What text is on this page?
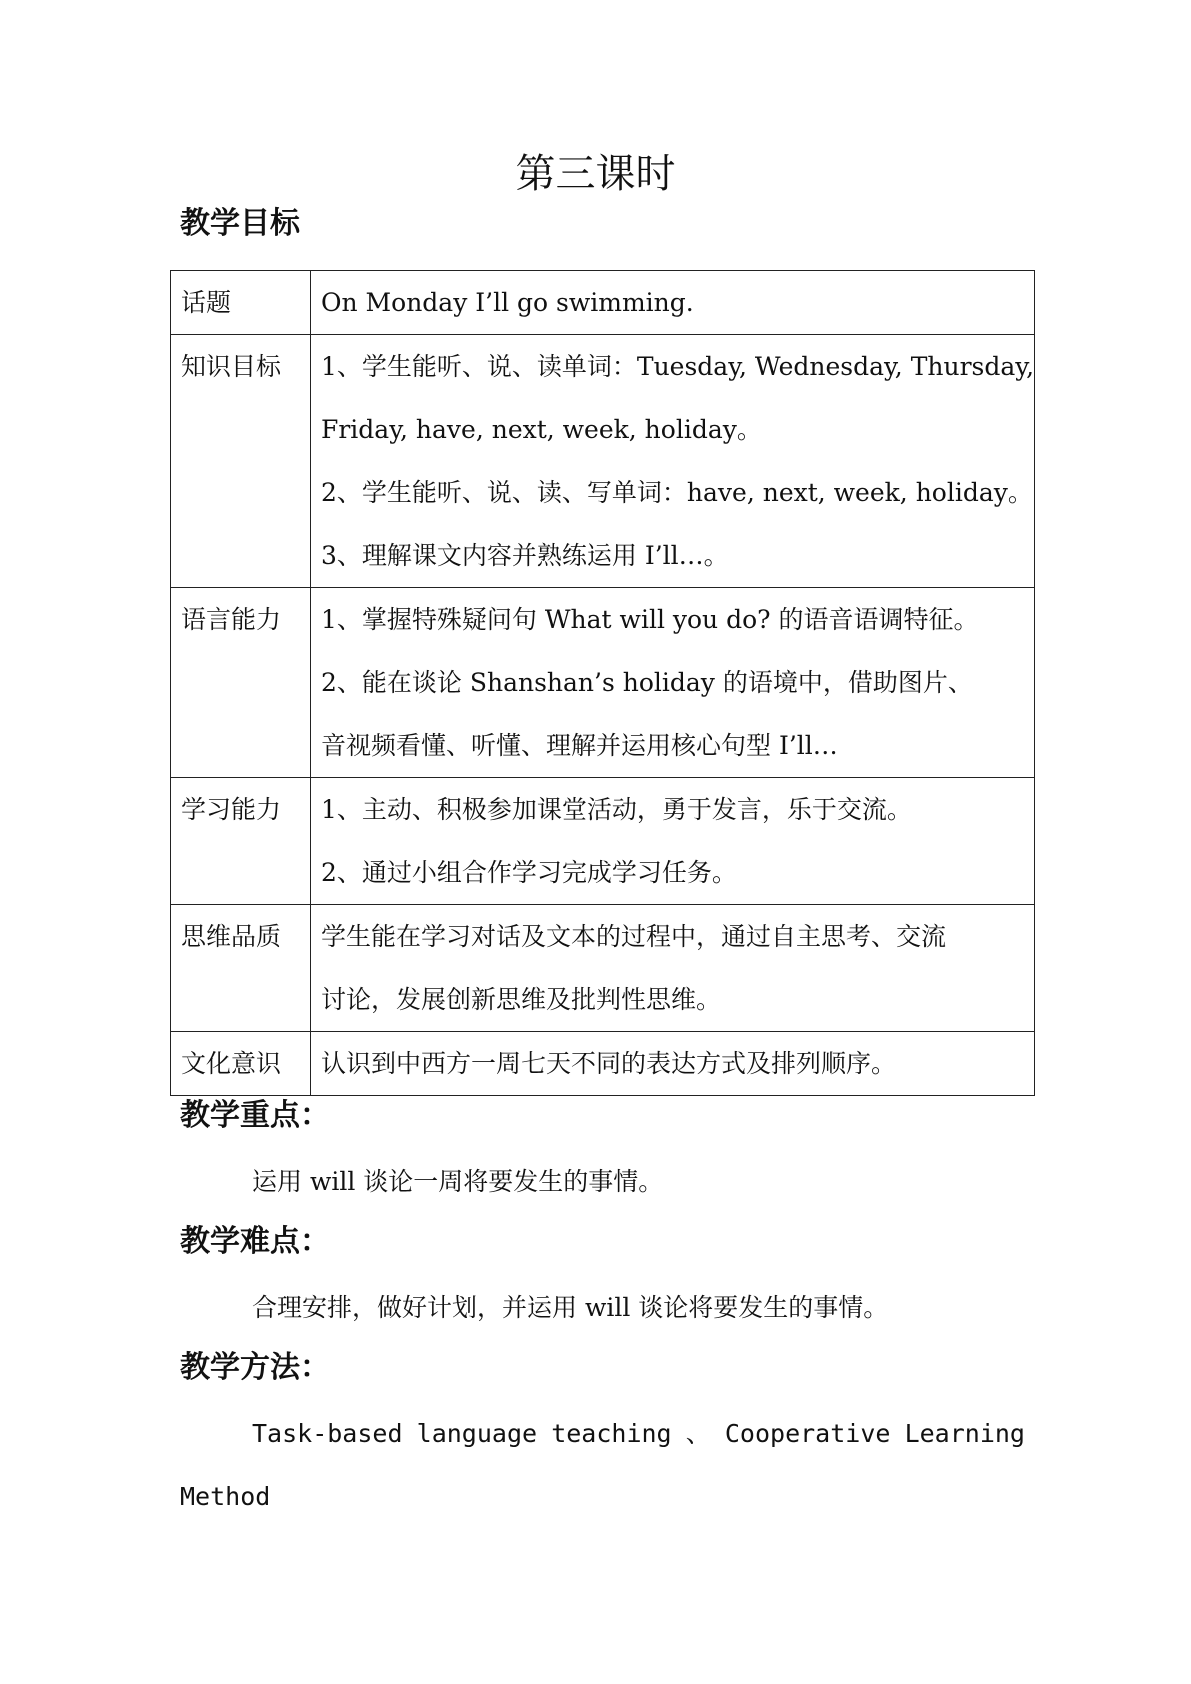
第三课时
教学目标
话题	On Monday I’ll go swimming.

知识目标	1、学生能听、说、读单词：Tuesday, Wednesday, Thursday,
Friday, have, next, week, holiday。
2、学生能听、说、读、写单词：have, next, week, holiday。
3、理解课文内容并熟练运用 I’ll…。

语言能力	1、掌握特殊疑问句 What will you do? 的语音语调特征。
2、能在谈论 Shanshan’s holiday 的语境中，借助图片、
音视频看懂、听懂、理解并运用核心句型 I’ll…

学习能力	1、主动、积极参加课堂活动，勇于发言，乐于交流。
2、通过小组合作学习完成学习任务。

思维品质	学生能在学习对话及文本的过程中，通过自主思考、交流
讨论，发展创新思维及批判性思维。

文化意识	认识到中西方一周七天不同的表达方式及排列顺序。
教学重点：

运用 will 谈论一周将要发生的事情。

教学难点：

合理安排，做好计划，并运用 will 谈论将要发生的事情。

教学方法：
Task-based language teaching 、 Cooperative Learning
Method
